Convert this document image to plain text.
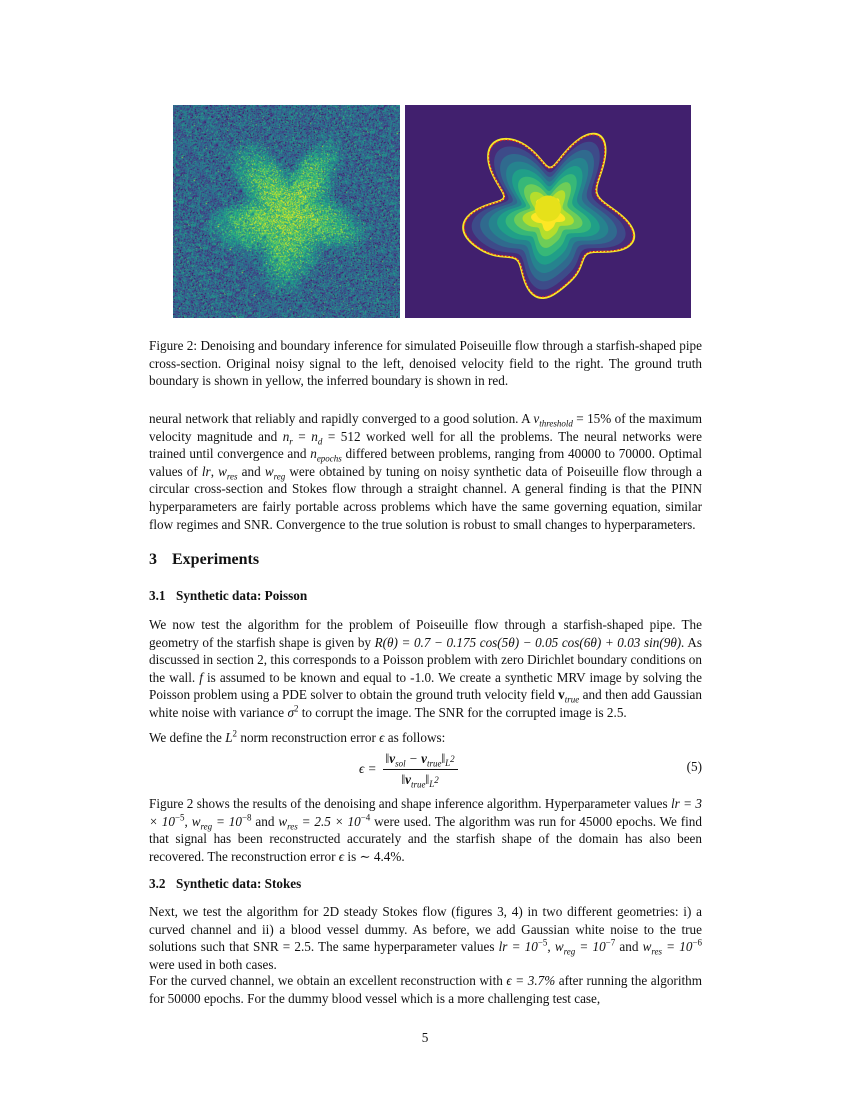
Figure 2: Denoising and boundary inference for simulated Poiseuille flow through a starfish-shaped pipe cross-section. Original noisy signal to the left, denoised velocity field to the right. The ground truth boundary is shown in yellow, the inferred boundary is shown in red.

neural network that reliably and rapidly converged to a good solution. A $v_{threshold} = 15\%$ of the maximum velocity magnitude and $n_r = n_d = 512$ worked well for all the problems. The neural networks were trained until convergence and $n_{epochs}$ differed between problems, ranging from 40000 to 70000. Optimal values of lr, $w_{res}$ and $w_{reg}$ were obtained by tuning on noisy synthetic data of Poiseuille flow through a circular cross-section and Stokes flow through a straight channel. A general finding is that the PINN hyperparameters are fairly portable across problems which have the same governing equation, similar flow regimes and SNR. Convergence to the true solution is robust to small changes to hyperparameters.

3 Experiments
3.1 Synthetic data: Poisson

We now test the algorithm for the problem of Poiseuille flow through a starfish-shaped pipe. The geometry of the starfish shape is given by R(θ) = 0.7 − 0.175 cos(5θ) − 0.05 cos(6θ) + 0.03 sin(9θ). As discussed in section 2, this corresponds to a Poisson problem with zero Dirichlet boundary conditions on the wall. f is assumed to be known and equal to -1.0. We create a synthetic MRV image by solving the Poisson problem using a PDE solver to obtain the ground truth velocity field $v_{true}$ and then add Gaussian white noise with variance $\sigma^2$ to corrupt the image. The SNR for the corrupted image is 2.5.

We define the $L^2$ norm reconstruction error ϵ as follows:

$\epsilon = \frac{‖v_{sol} - v_{true}‖_{L^2}}{‖v_{true}‖_{L^2}}$	(5)

Figure 2 shows the results of the denoising and shape inference algorithm. Hyperparameter values lr = $3 \times 10^{-5}$, $w_{reg} = 10^{-8}$ and $w_{res} = 2.5 \times 10^{-4}$ were used. The algorithm was run for 45000 epochs. We find that signal has been reconstructed accurately and the starfish shape of the domain has also been recovered. The reconstruction error ϵ is ∼ 4.4%.

3.2 Synthetic data: Stokes

Next, we test the algorithm for 2D steady Stokes flow (figures 3, 4) in two different geometries: i) a curved channel and ii) a blood vessel dummy. As before, we add Gaussian white noise to the true solutions such that SNR = 2.5. The same hyperparameter values lr = $10^{-5}$, $w_{reg} = 10^{-7}$ and $w_{res} = 10^{-6}$ were used in both cases.

For the curved channel, we obtain an excellent reconstruction with ϵ = 3.7% after running the algorithm for 50000 epochs. For the dummy blood vessel which is a more challenging test case,

5
